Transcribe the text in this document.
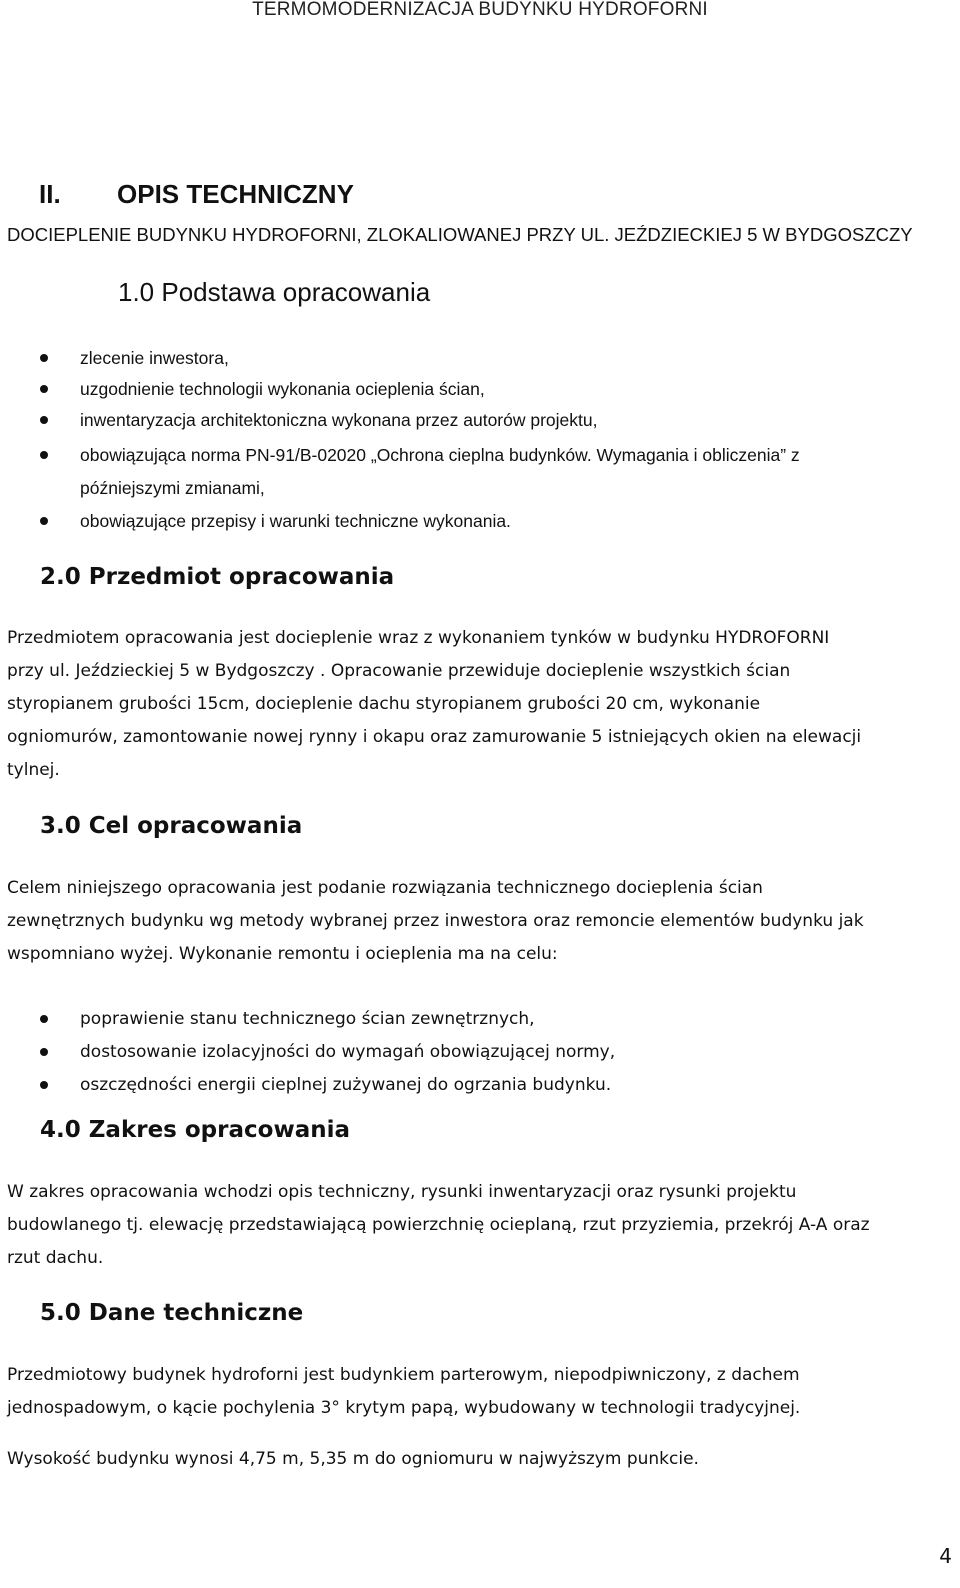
TERMOMODERNIZACJA BUDYNKU HYDROFORNI
II. OPIS TECHNICZNY
DOCIEPLENIE BUDYNKU HYDROFORNI, ZLOKALIOWANEJ PRZY UL. JEŹDZIECKIEJ 5 W BYDGOSZCZY
1.0 Podstawa opracowania
zlecenie inwestora,
uzgodnienie technologii wykonania ocieplenia ścian,
inwentaryzacja architektoniczna wykonana przez autorów projektu,
obowiązująca norma PN-91/B-02020 „Ochrona cieplna budynków. Wymagania i obliczenia” z
późniejszymi zmianami,
obowiązujące przepisy i warunki techniczne wykonania.
2.0 Przedmiot opracowania
Przedmiotem opracowania jest docieplenie wraz z wykonaniem tynków w budynku HYDROFORNI
przy ul. Jeździeckiej 5 w Bydgoszczy . Opracowanie przewiduje docieplenie wszystkich ścian
styropianem grubości 15cm, docieplenie dachu styropianem grubości 20 cm, wykonanie
ogniomurów, zamontowanie nowej rynny i okapu oraz zamurowanie 5 istniejących okien na elewacji
tylnej.
3.0 Cel opracowania
Celem niniejszego opracowania jest podanie rozwiązania technicznego docieplenia ścian
zewnętrznych budynku wg metody wybranej przez inwestora oraz remoncie elementów budynku jak
wspomniano wyżej. Wykonanie remontu i ocieplenia ma na celu:
poprawienie stanu technicznego ścian zewnętrznych,
dostosowanie izolacyjności do wymagań obowiązującej normy,
oszczędności energii cieplnej zużywanej do ogrzania budynku.
4.0 Zakres opracowania
W zakres opracowania wchodzi opis techniczny, rysunki inwentaryzacji oraz rysunki projektu
budowlanego tj. elewację przedstawiającą powierzchnię ocieplaną, rzut przyziemia, przekrój A-A oraz
rzut dachu.
5.0 Dane techniczne
Przedmiotowy budynek hydroforni jest budynkiem parterowym, niepodpiwniczony, z dachem
jednospadowym, o kącie pochylenia 3° krytym papą, wybudowany w technologii tradycyjnej.
Wysokość budynku wynosi 4,75 m, 5,35 m do ogniomuru w najwyższym punkcie.
4
